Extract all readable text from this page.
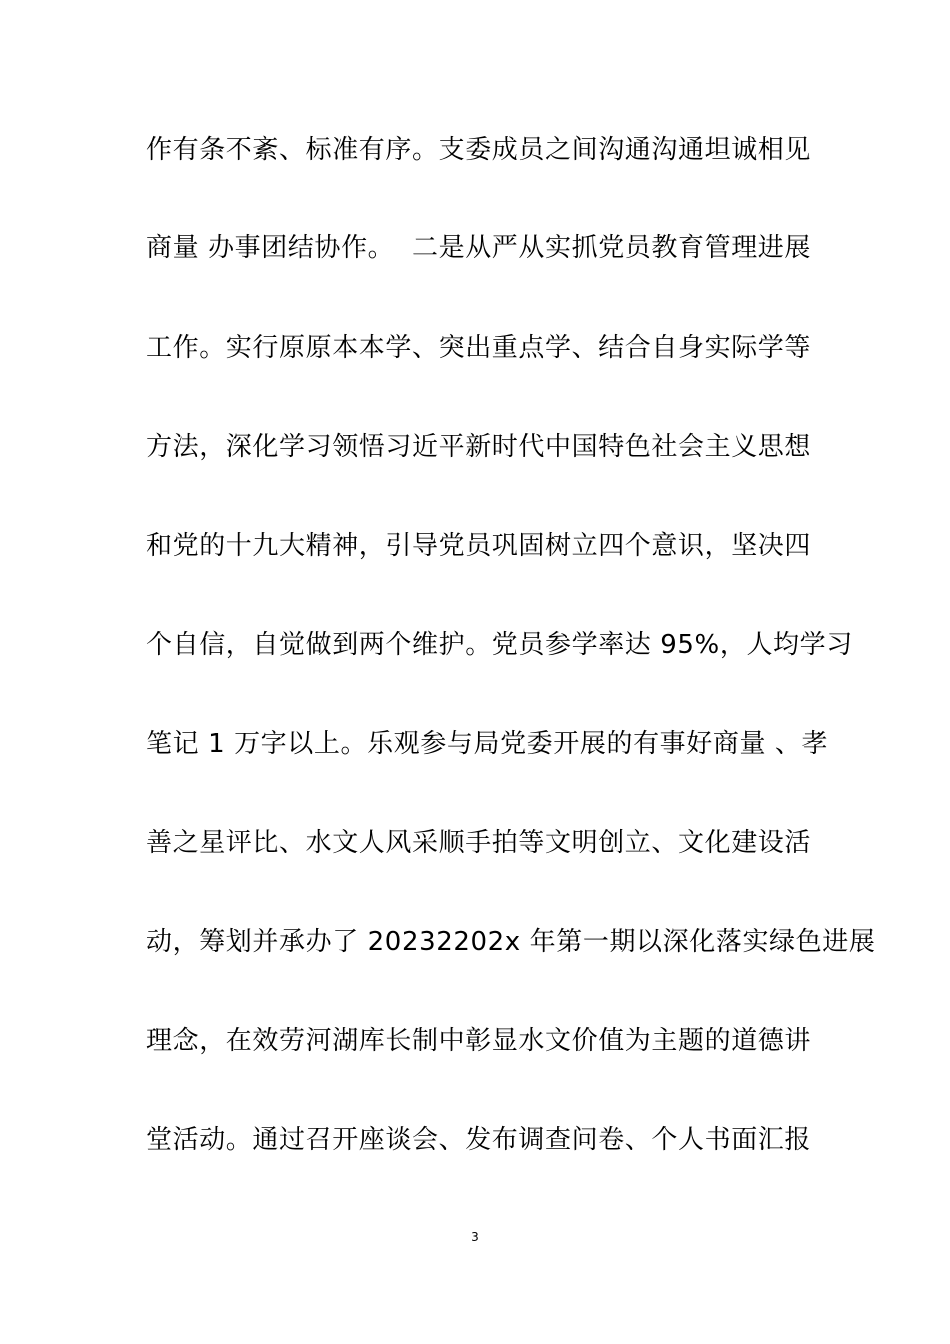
作有条不紊、标准有序。支委成员之间沟通沟通坦诚相见
商量 办事团结协作。  二是从严从实抓党员教育管理进展
工作。实行原原本本学、突出重点学、结合自身实际学等
方法，深化学习领悟习近平新时代中国特色社会主义思想
和党的十九大精神，引导党员巩固树立四个意识，坚决四
个自信，自觉做到两个维护。党员参学率达 95%，人均学习
笔记 1 万字以上。乐观参与局党委开展的有事好商量 、孝
善之星评比、水文人风采顺手拍等文明创立、文化建设活
动，筹划并承办了 20232202x 年第一期以深化落实绿色进展
理念，在效劳河湖库长制中彰显水文价值为主题的道德讲
堂活动。通过召开座谈会、发布调查问卷、个人书面汇报
3
